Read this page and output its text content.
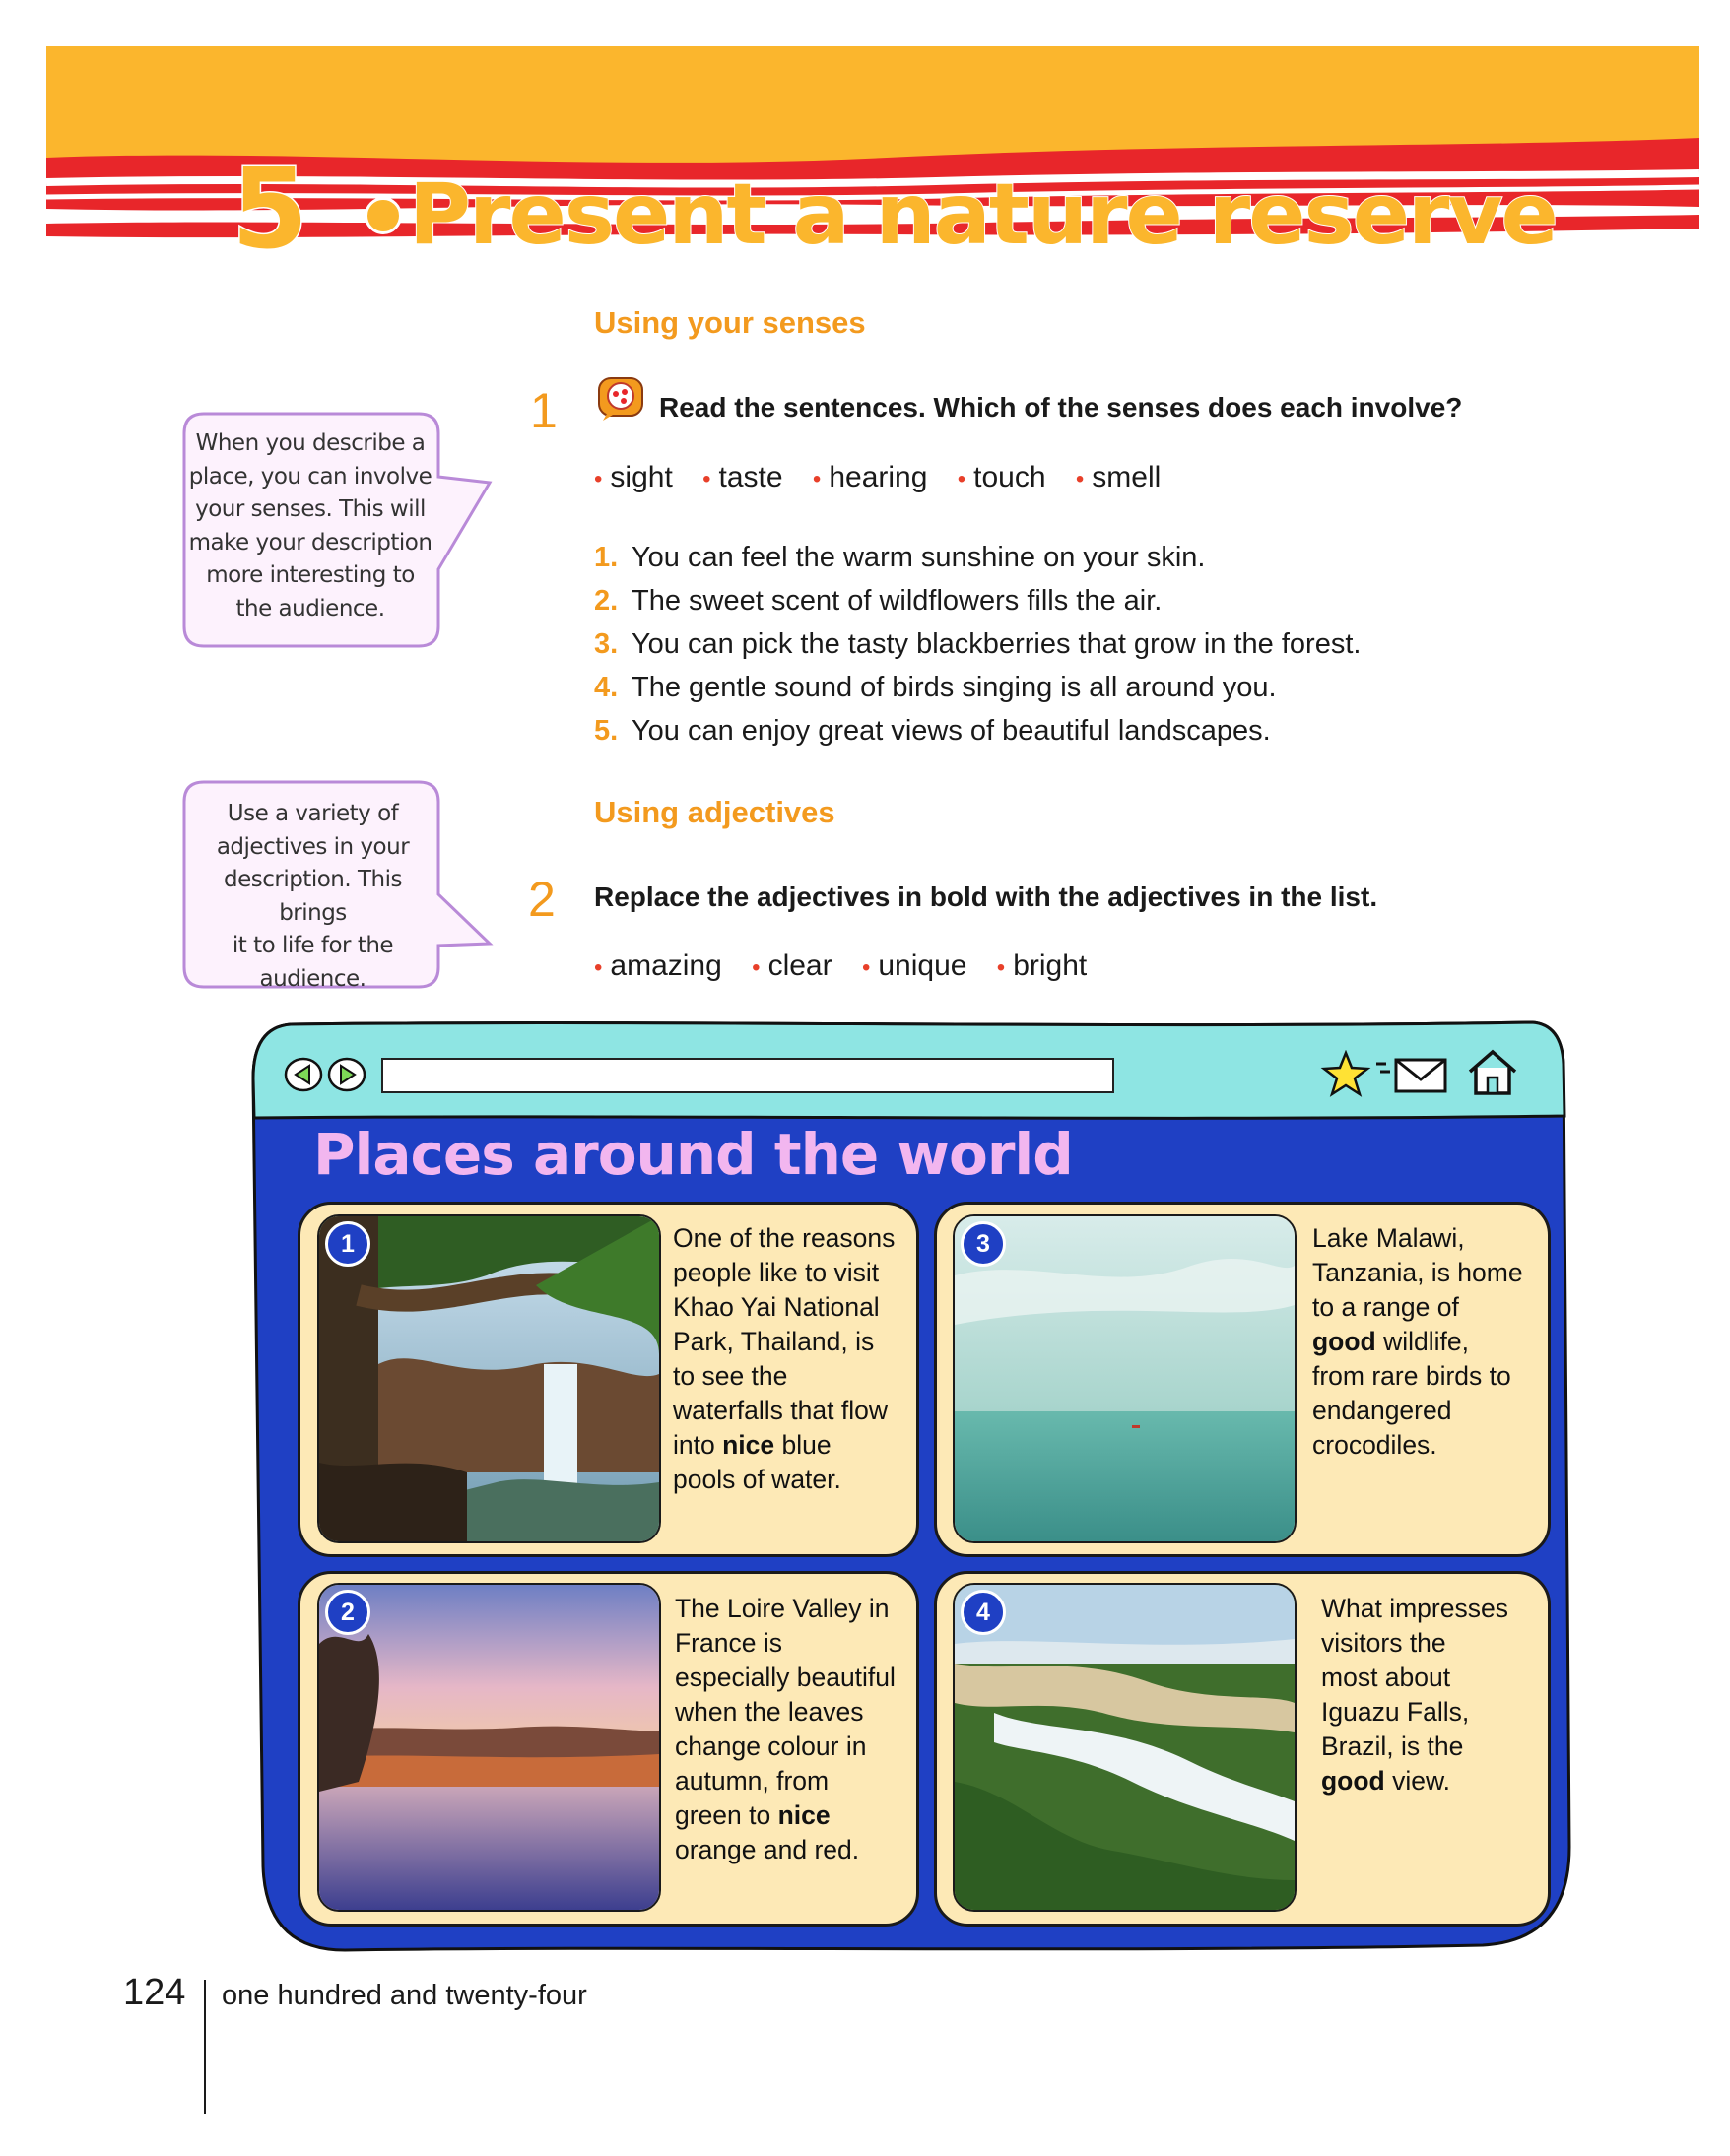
5 Present a nature reserve
Using your senses
1	Read the sentences. Which of the senses does each involve?
• sight • taste • hearing • touch • smell
1. You can feel the warm sunshine on your skin.
2. The sweet scent of wildflowers fills the air.
3. You can pick the tasty blackberries that grow in the forest.
4. The gentle sound of birds singing is all around you.
5. You can enjoy great views of beautiful landscapes.
When you describe a
place, you can involve
your senses. This will
make your description
more interesting to
the audience.
Use a variety of
adjectives in your
description. This brings
it to life for the
audience.
Using adjectives
2 Replace the adjectives in bold with the adjectives in the list.
• amazing • clear • unique • bright
Places around the world
1	One of the reasons
people like to visit
Khao Yai National
Park, Thailand, is
to see the
waterfalls that flow
into nice blue
pools of water.
3	Lake Malawi,
Tanzania, is home
to a range of
good wildlife,
from rare birds to
endangered
crocodiles.
2	The Loire Valley in
France is
especially beautiful
when the leaves
change colour in
autumn, from
green to nice
orange and red.
4	What impresses
visitors the
most about
Iguazu Falls,
Brazil, is the
good view.
124 one hundred and twenty-four
